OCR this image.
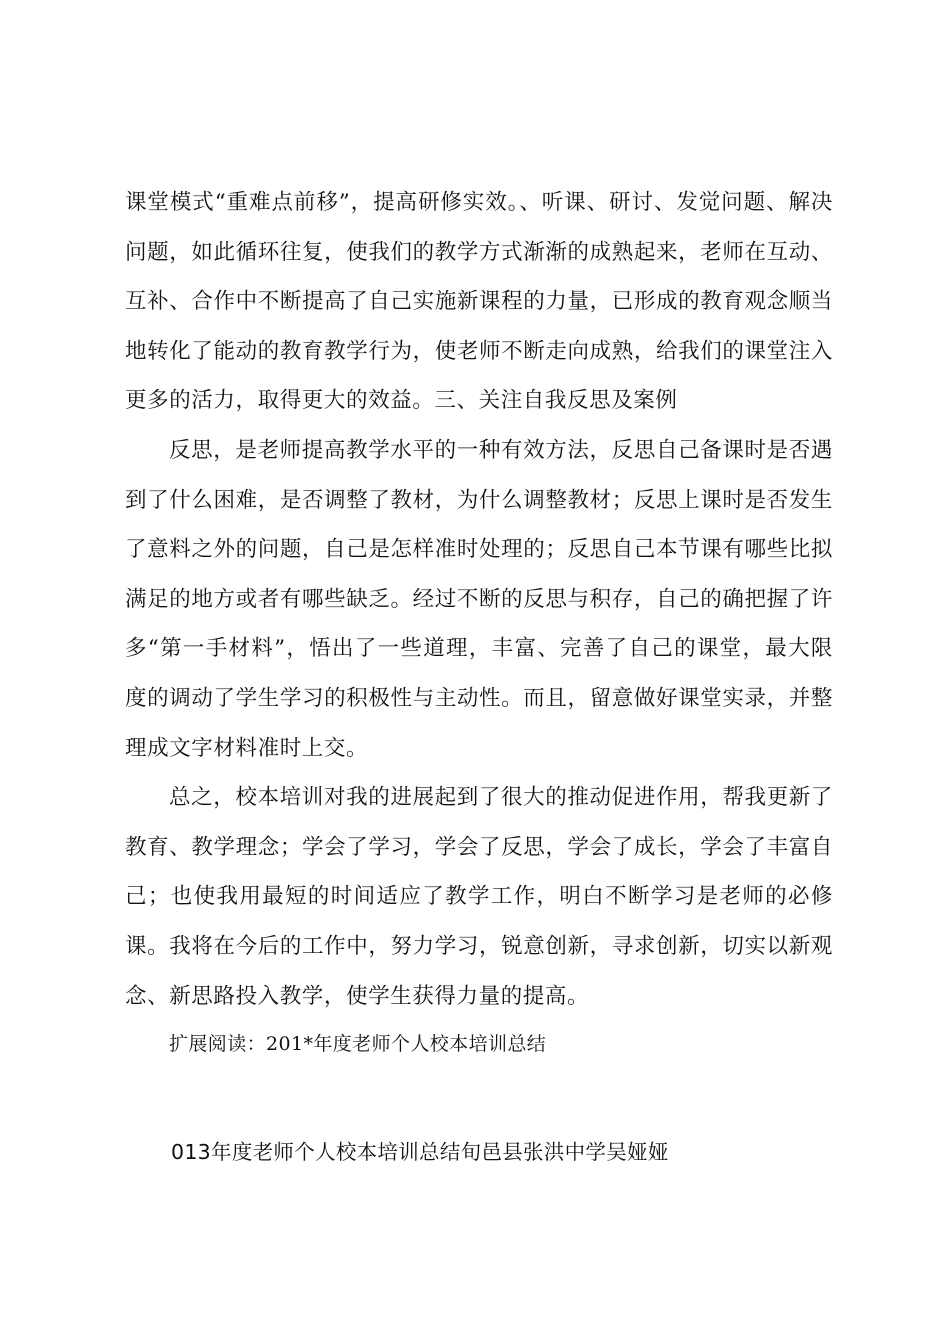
课堂模式“重难点前移”，提高研修实效。、听课、研讨、发觉问题、解决问题，如此循环往复，使我们的教学方式渐渐的成熟起来，老师在互动、互补、合作中不断提高了自己实施新课程的力量，已形成的教育观念顺当地转化了能动的教育教学行为，使老师不断走向成熟，给我们的课堂注入更多的活力，取得更大的效益。三、关注自我反思及案例

反思，是老师提高教学水平的一种有效方法，反思自己备课时是否遇到了什么困难，是否调整了教材，为什么调整教材；反思上课时是否发生了意料之外的问题，自己是怎样准时处理的；反思自己本节课有哪些比拟满足的地方或者有哪些缺乏。经过不断的反思与积存，自己的确把握了许多“第一手材料”，悟出了一些道理，丰富、完善了自己的课堂，最大限度的调动了学生学习的积极性与主动性。而且，留意做好课堂实录，并整理成文字材料准时上交。

总之，校本培训对我的进展起到了很大的推动促进作用，帮我更新了教育、教学理念；学会了学习，学会了反思，学会了成长，学会了丰富自己；也使我用最短的时间适应了教学工作，明白不断学习是老师的必修课。我将在今后的工作中，努力学习，锐意创新，寻求创新，切实以新观念、新思路投入教学，使学生获得力量的提高。

扩展阅读：201*年度老师个人校本培训总结
013年度老师个人校本培训总结旬邑县张洪中学吴娅娅
